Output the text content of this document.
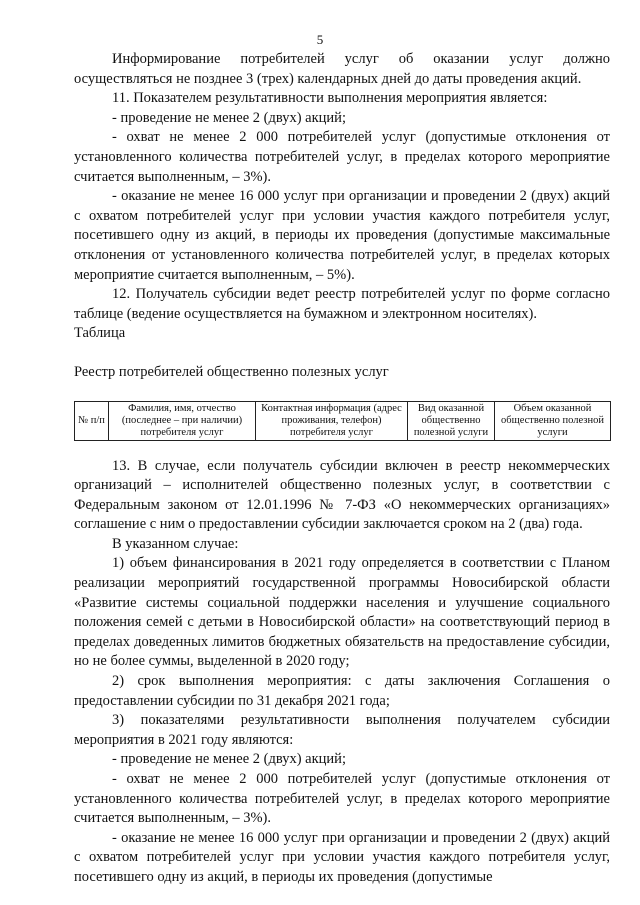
5

Информирование потребителей услуг об оказании услуг должно осуществляться не позднее 3 (трех) календарных дней до даты проведения акций.

11. Показателем результативности выполнения мероприятия является:

- проведение не менее 2 (двух) акций;

- охват не менее 2 000 потребителей услуг (допустимые отклонения от установленного количества потребителей услуг, в пределах которого мероприятие считается выполненным, – 3%).

- оказание не менее 16 000 услуг при организации и проведении 2 (двух) акций с охватом потребителей услуг при условии участия каждого потребителя услуг, посетившего одну из акций, в периоды их проведения (допустимые максимальные отклонения от установленного количества потребителей услуг, в пределах которых мероприятие считается выполненным, – 5%).

12. Получатель субсидии ведет реестр потребителей услуг по форме согласно таблице (ведение осуществляется на бумажном и электронном носителях).

Таблица

Реестр потребителей общественно полезных услуг

№ п/п	Фамилия, имя, отчество (последнее – при наличии) потребителя услуг	Контактная информация (адрес проживания, телефон) потребителя услуг	Вид оказанной общественно полезной услуги	Объем оказанной общественно полезной услуги

13. В случае, если получатель субсидии включен в реестр некоммерческих организаций – исполнителей общественно полезных услуг, в соответствии с Федеральным законом от 12.01.1996 № 7-ФЗ «О некоммерческих организациях» соглашение с ним о предоставлении субсидии заключается сроком на 2 (два) года.

В указанном случае:

1) объем финансирования в 2021 году определяется в соответствии с Планом реализации мероприятий государственной программы Новосибирской области «Развитие системы социальной поддержки населения и улучшение социального положения семей с детьми в Новосибирской области» на соответствующий период в пределах доведенных лимитов бюджетных обязательств на предоставление субсидии, но не более суммы, выделенной в 2020 году;

2) срок выполнения мероприятия: с даты заключения Соглашения о предоставлении субсидии по 31 декабря 2021 года;

3) показателями результативности выполнения получателем субсидии мероприятия в 2021 году являются:

- проведение не менее 2 (двух) акций;

- охват не менее 2 000 потребителей услуг (допустимые отклонения от установленного количества потребителей услуг, в пределах которого мероприятие считается выполненным, – 3%).

- оказание не менее 16 000 услуг при организации и проведении 2 (двух) акций с охватом потребителей услуг при условии участия каждого потребителя услуг, посетившего одну из акций, в периоды их проведения (допустимые
